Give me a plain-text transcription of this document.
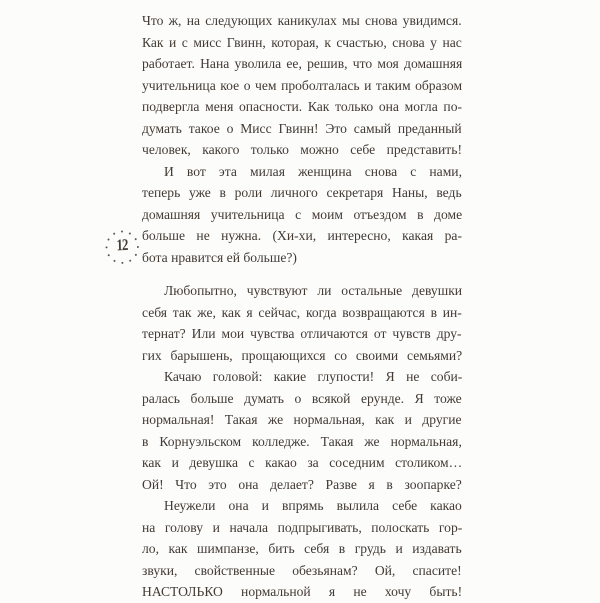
12
Что ж, на следующих каникулах мы снова увидимся.
Как и с мисс Гвинн, которая, к счастью, снова у нас
работает. Нана уволила ее, решив, что моя домашняя
учительница кое о чем проболталась и таким образом
подвергла меня опасности. Как только она могла по-
думать такое о Мисс Гвинн! Это самый преданный
человек, какого только можно себе представить!
И вот эта милая женщина снова с нами,
теперь уже в роли личного секретаря Наны, ведь
домашняя учительница с моим отъездом в доме
больше не нужна. (Хи-хи, интересно, какая ра-
бота нравится ей больше?)
Любопытно, чувствуют ли остальные девушки
себя так же, как я сейчас, когда возвращаются в ин-
тернат? Или мои чувства отличаются от чувств дру-
гих барышень, прощающихся со своими семьями?
Качаю головой: какие глупости! Я не соби-
ралась больше думать о всякой ерунде. Я тоже
нормальная! Такая же нормальная, как и другие
в Корнуэльском колледже. Такая же нормальная,
как и девушка с какао за соседним столиком…
Ой! Что это она делает? Разве я в зоопарке?
Неужели она и впрямь вылила себе какао
на голову и начала подпрыгивать, полоскать гор-
ло, как шимпанзе, бить себя в грудь и издавать
звуки, свойственные обезьянам? Ой, спасите!
НАСТОЛЬКО нормальной я не хочу быть!
